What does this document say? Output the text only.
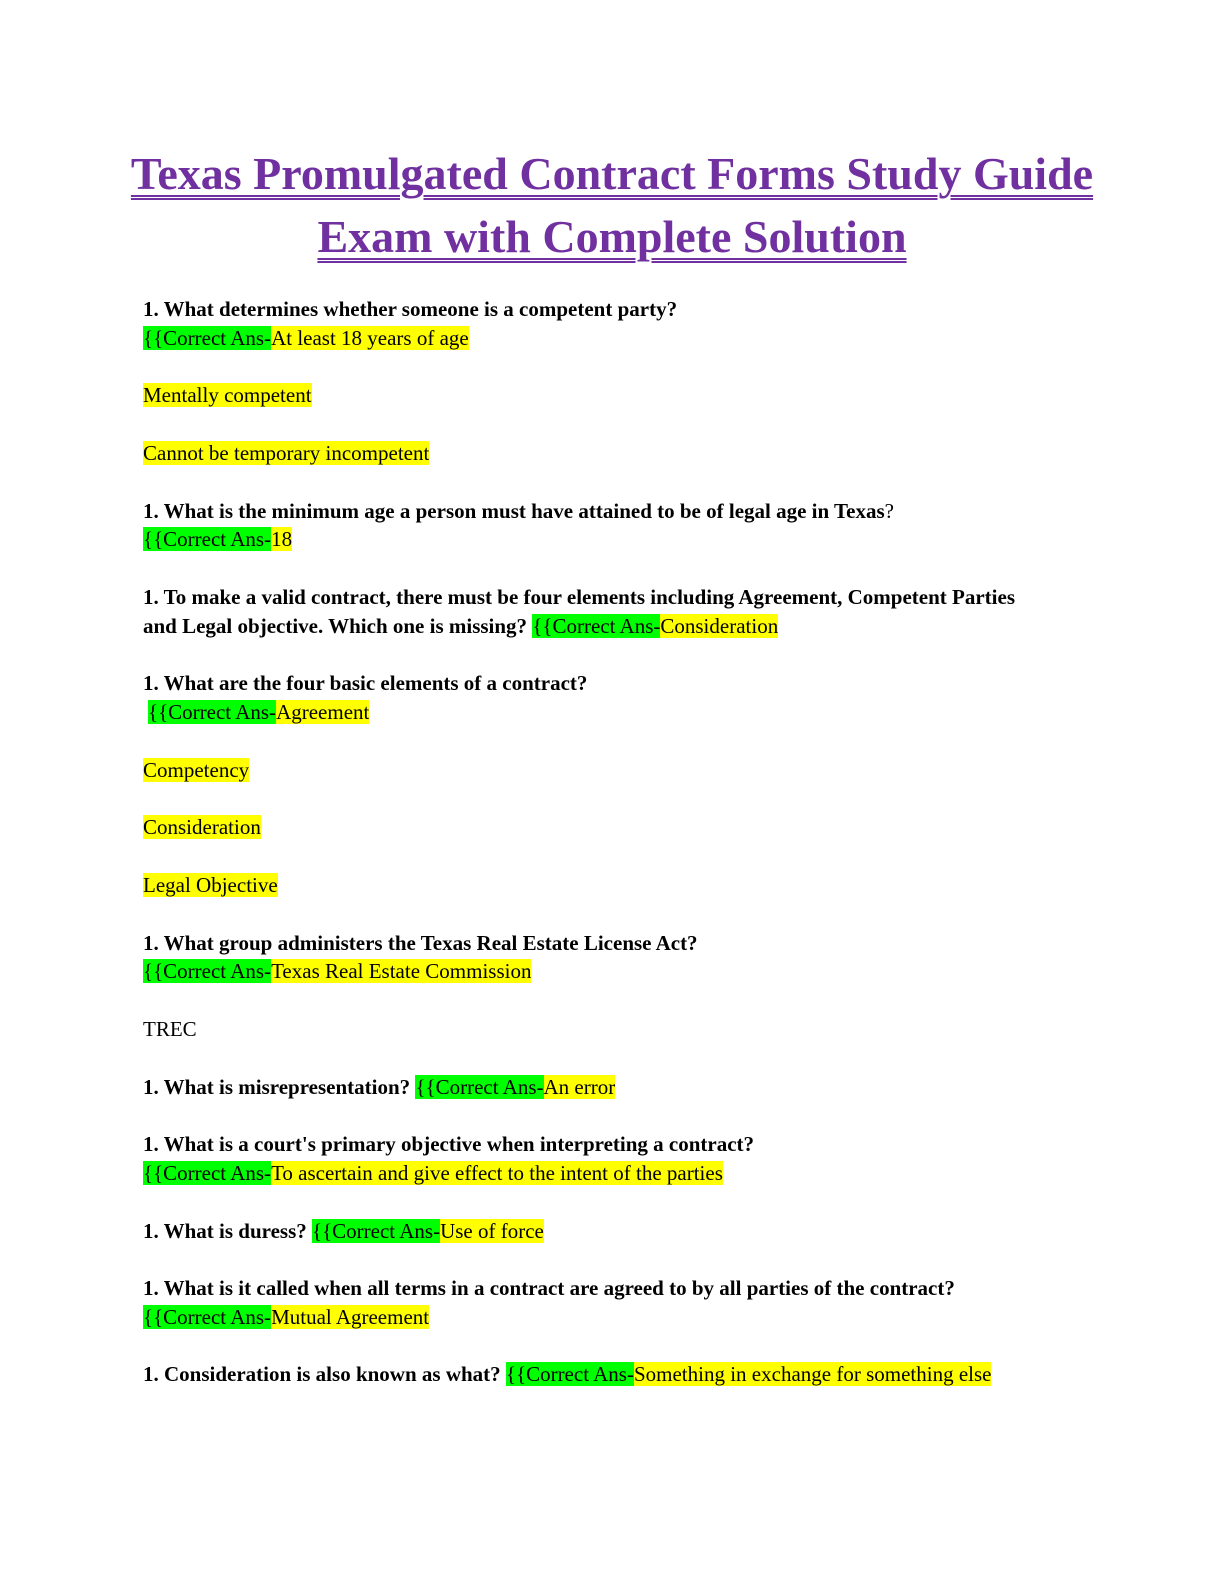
Texas Promulgated Contract Forms Study Guide Exam with Complete Solution
1. What determines whether someone is a competent party?
{{Correct Ans-At least 18 years of age
Mentally competent
Cannot be temporary incompetent
1. What is the minimum age a person must have attained to be of legal age in Texas?
{{Correct Ans-18
1. To make a valid contract, there must be four elements including Agreement, Competent Parties
and Legal objective. Which one is missing? {{Correct Ans-Consideration
1. What are the four basic elements of a contract?
{{Correct Ans-Agreement
Competency
Consideration
Legal Objective
1. What group administers the Texas Real Estate License Act?
{{Correct Ans-Texas Real Estate Commission
TREC
1. What is misrepresentation? {{Correct Ans-An error
1. What is a court's primary objective when interpreting a contract?
{{Correct Ans-To ascertain and give effect to the intent of the parties
1. What is duress? {{Correct Ans-Use of force
1. What is it called when all terms in a contract are agreed to by all parties of the contract?
{{Correct Ans-Mutual Agreement
1. Consideration is also known as what? {{Correct Ans-Something in exchange for something else
